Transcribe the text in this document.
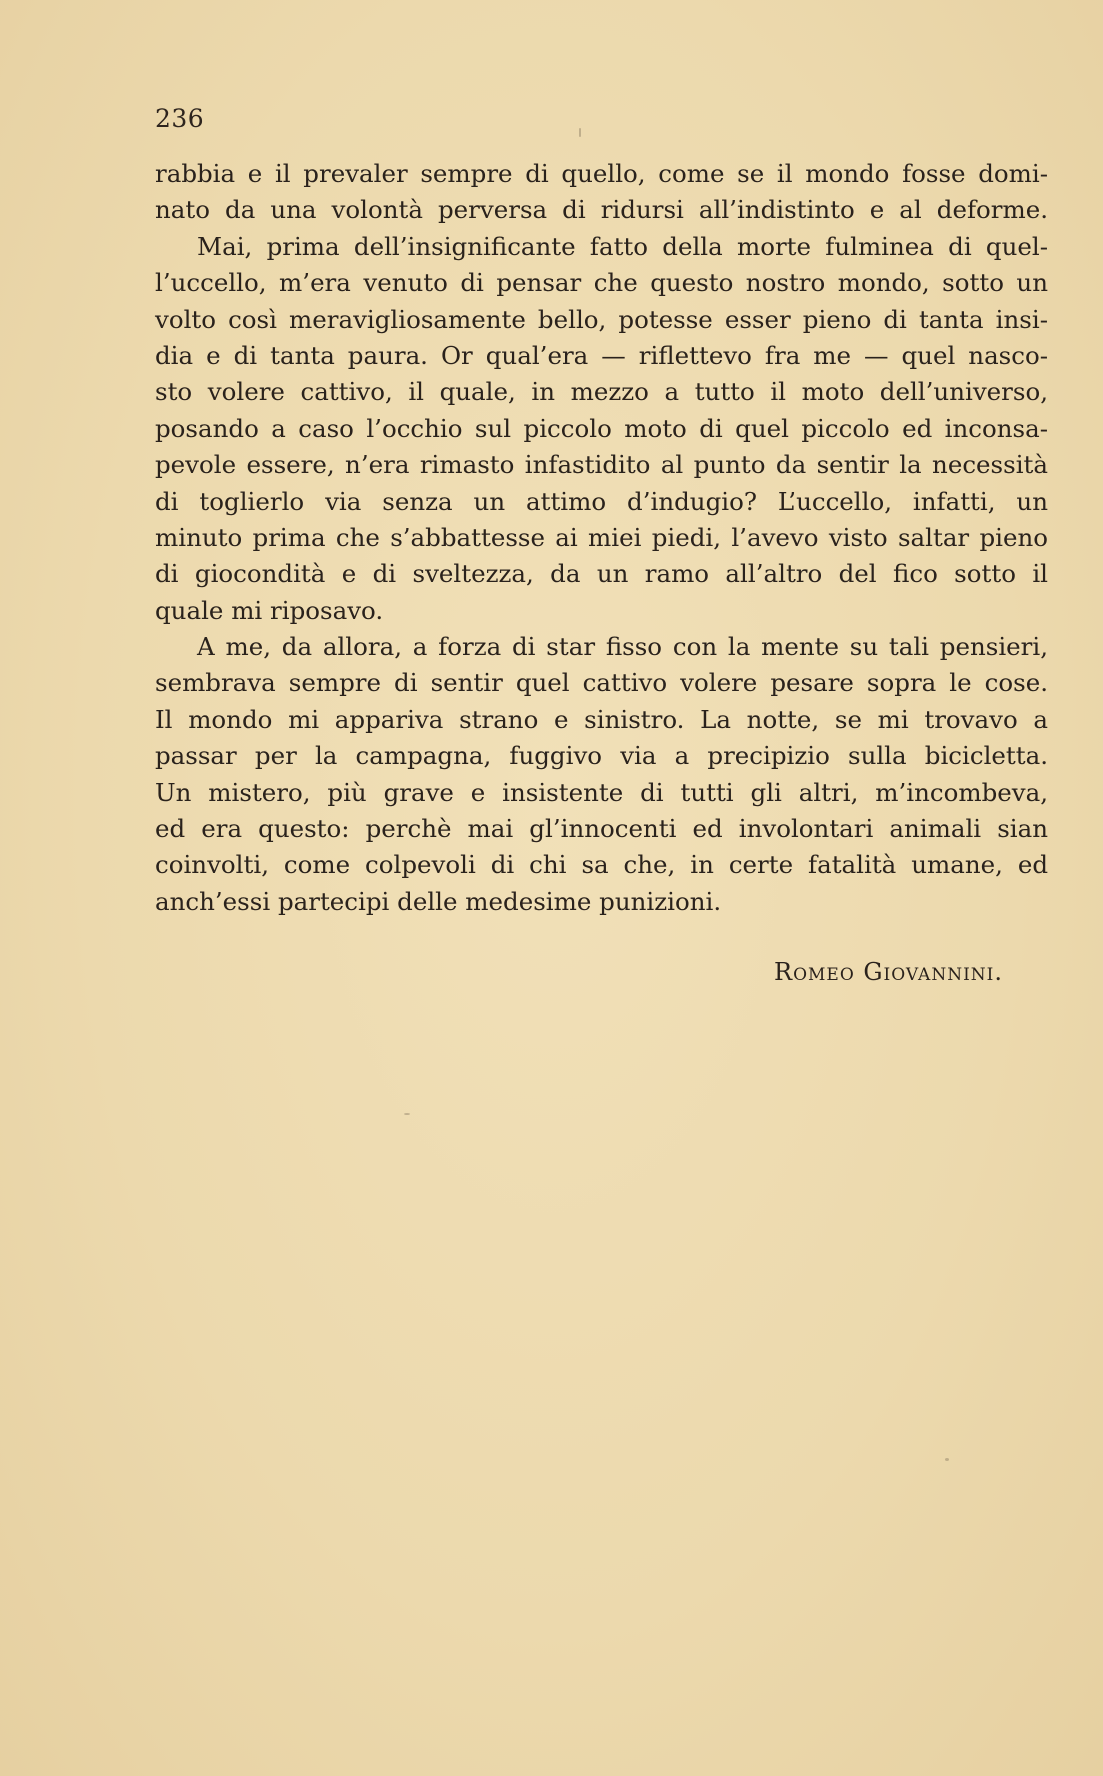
236
rabbia e il prevaler sempre di quello, come se il mondo fosse domi-
nato da una volontà perversa di ridursi all’indistinto e al deforme.
Mai, prima dell’insignificante fatto della morte fulminea di quel-
l’uccello, m’era venuto di pensar che questo nostro mondo, sotto un
volto così meravigliosamente bello, potesse esser pieno di tanta insi-
dia e di tanta paura. Or qual’era — riflettevo fra me — quel nasco-
sto volere cattivo, il quale, in mezzo a tutto il moto dell’universo,
posando a caso l’occhio sul piccolo moto di quel piccolo ed inconsa-
pevole essere, n’era rimasto infastidito al punto da sentir la necessità
di toglierlo via senza un attimo d’indugio? L’uccello, infatti, un
minuto prima che s’abbattesse ai miei piedi, l’avevo visto saltar pieno
di giocondità e di sveltezza, da un ramo all’altro del fico sotto il
quale mi riposavo.
A me, da allora, a forza di star fisso con la mente su tali pensieri,
sembrava sempre di sentir quel cattivo volere pesare sopra le cose.
Il mondo mi appariva strano e sinistro. La notte, se mi trovavo a
passar per la campagna, fuggivo via a precipizio sulla bicicletta.
Un mistero, più grave e insistente di tutti gli altri, m’incombeva,
ed era questo: perchè mai gl’innocenti ed involontari animali sian
coinvolti, come colpevoli di chi sa che, in certe fatalità umane, ed
anch’essi partecipi delle medesime punizioni.
Romeo Giovannini.
